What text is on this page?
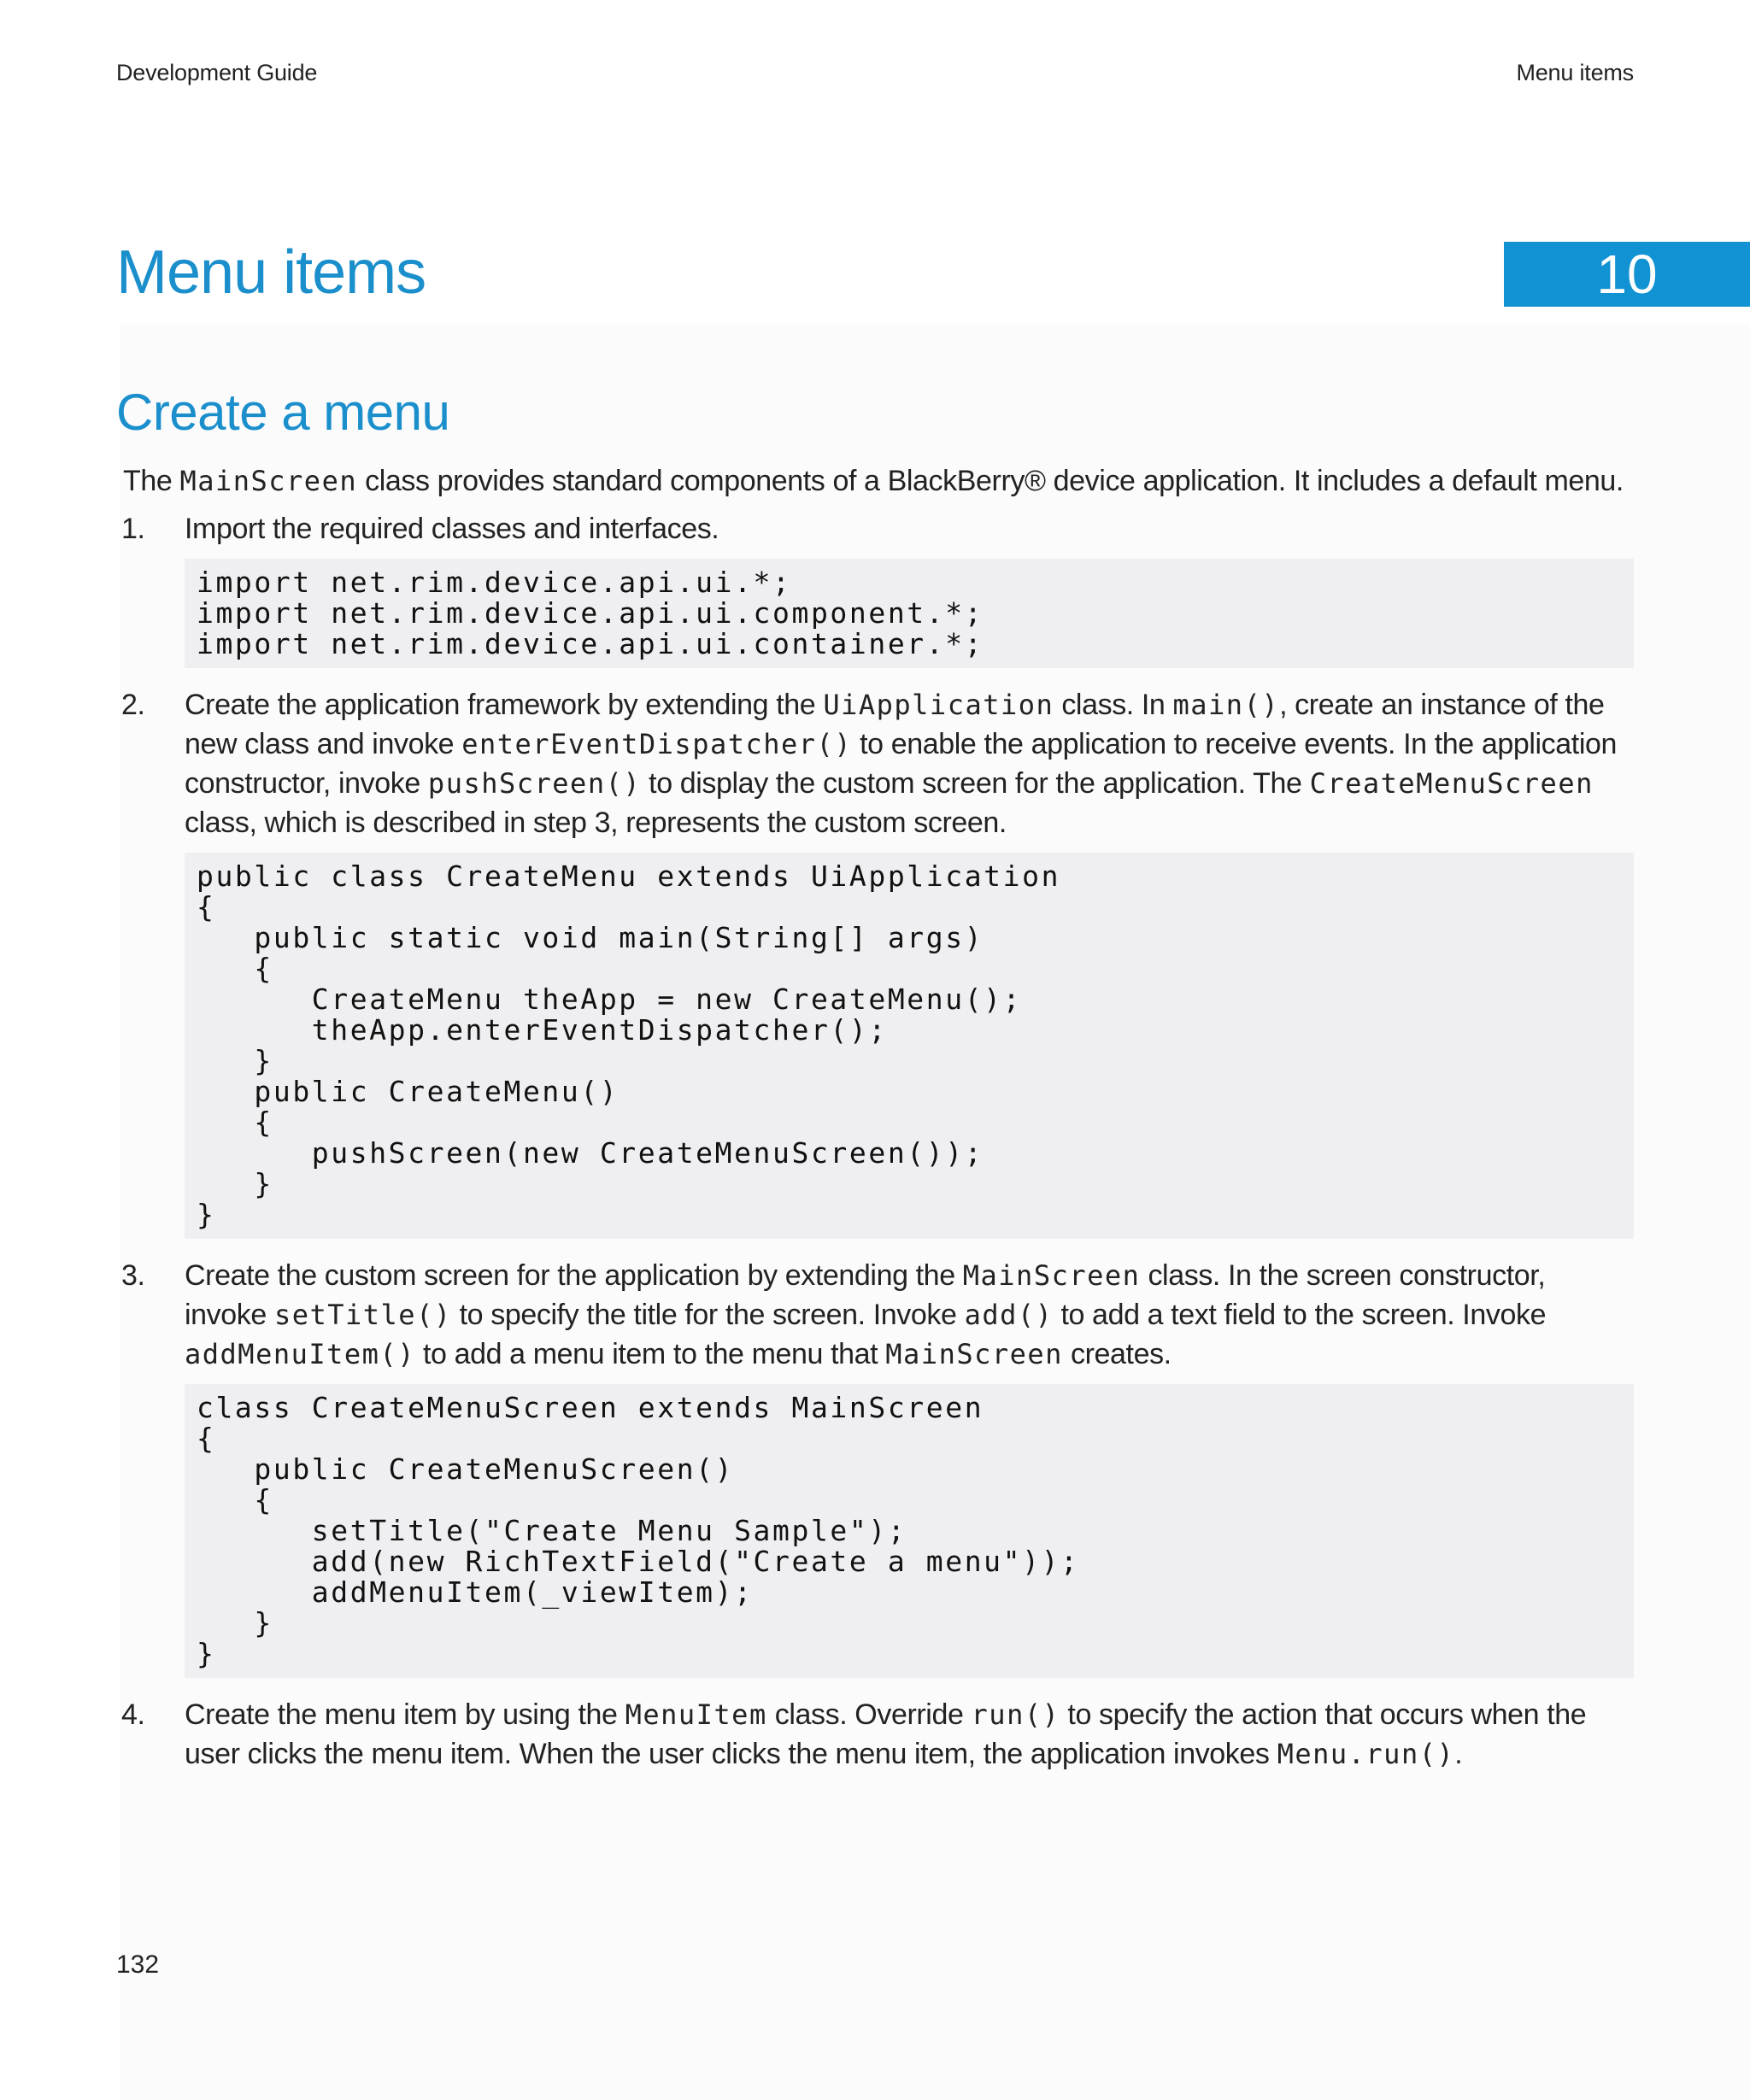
Development Guide	Menu items
Menu items	10
Create a menu

The MainScreen class provides standard components of a BlackBerry® device application. It includes a default menu.

1.	Import the required classes and interfaces.

import net.rim.device.api.ui.*;
import net.rim.device.api.ui.component.*;
import net.rim.device.api.ui.container.*;
2.	Create the application framework by extending the UiApplication class. In main(), create an instance of the new class and invoke enterEventDispatcher() to enable the application to receive events. In the application constructor, invoke pushScreen() to display the custom screen for the application. The CreateMenuScreen class, which is described in step 3, represents the custom screen.

public class CreateMenu extends UiApplication
{
public static void main(String[] args)
{
CreateMenu theApp = new CreateMenu();
theApp.enterEventDispatcher();
}
public CreateMenu()
{
pushScreen(new CreateMenuScreen());
}
}
3.	Create the custom screen for the application by extending the MainScreen class. In the screen constructor, invoke setTitle() to specify the title for the screen. Invoke add() to add a text field to the screen. Invoke addMenuItem() to add a menu item to the menu that MainScreen creates.

class CreateMenuScreen extends MainScreen
{
public CreateMenuScreen()
{
setTitle("Create Menu Sample");
add(new RichTextField("Create a menu"));
addMenuItem(_viewItem);
}
}
4.	Create the menu item by using the MenuItem class. Override run() to specify the action that occurs when the user clicks the menu item. When the user clicks the menu item, the application invokes Menu.run().

132
